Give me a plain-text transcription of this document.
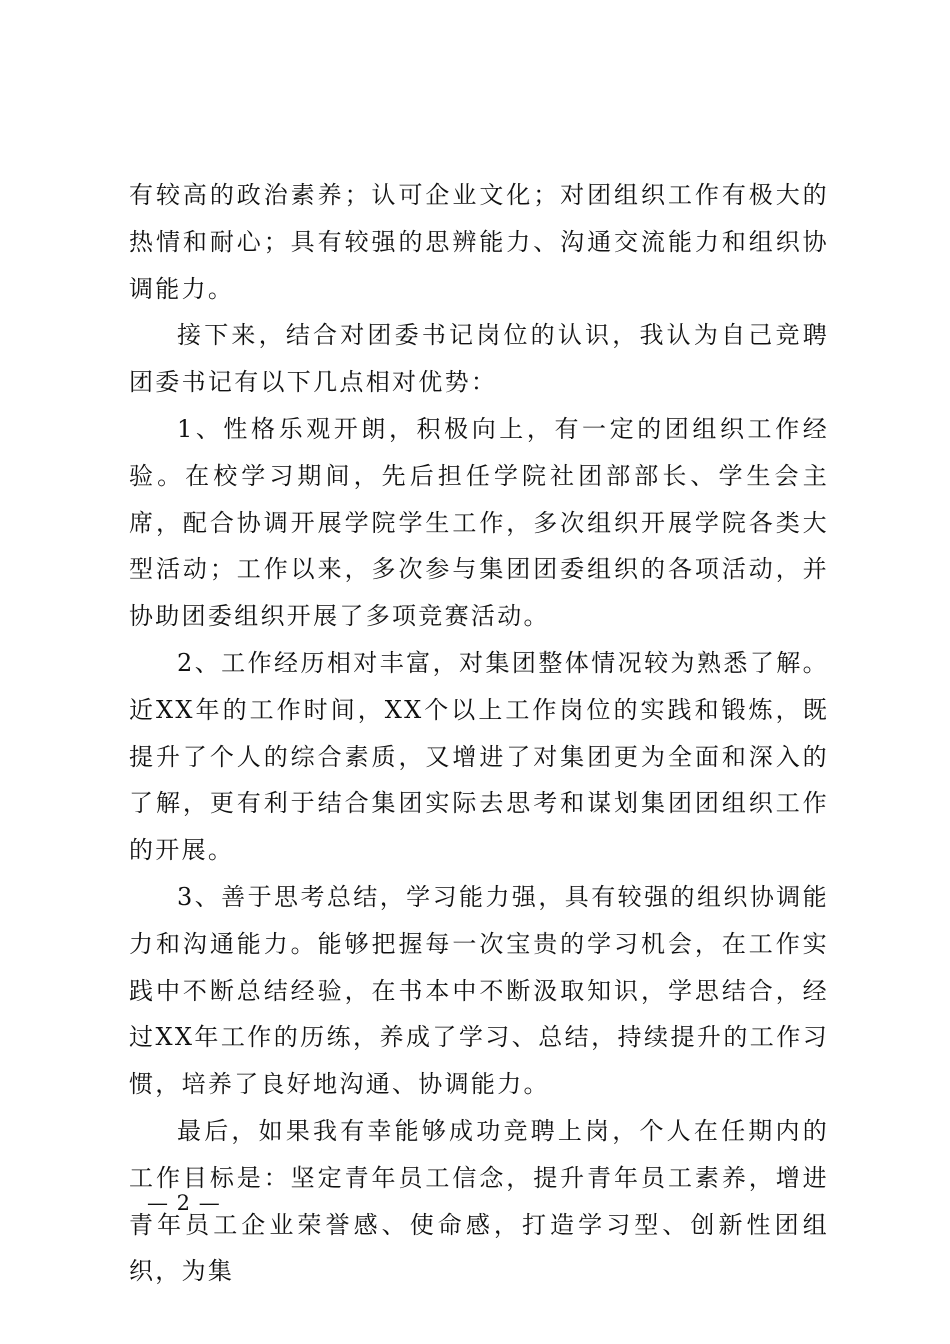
有较高的政治素养；认可企业文化；对团组织工作有极大的热情和耐心；具有较强的思辨能力、沟通交流能力和组织协调能力。

接下来，结合对团委书记岗位的认识，我认为自己竞聘团委书记有以下几点相对优势：

1、性格乐观开朗，积极向上，有一定的团组织工作经验。在校学习期间，先后担任学院社团部部长、学生会主席，配合协调开展学院学生工作，多次组织开展学院各类大型活动；工作以来，多次参与集团团委组织的各项活动，并协助团委组织开展了多项竞赛活动。

2、工作经历相对丰富，对集团整体情况较为熟悉了解。近XX年的工作时间，XX个以上工作岗位的实践和锻炼，既提升了个人的综合素质，又增进了对集团更为全面和深入的了解，更有利于结合集团实际去思考和谋划集团团组织工作的开展。

3、善于思考总结，学习能力强，具有较强的组织协调能力和沟通能力。能够把握每一次宝贵的学习机会，在工作实践中不断总结经验，在书本中不断汲取知识，学思结合，经过XX年工作的历练，养成了学习、总结，持续提升的工作习惯，培养了良好地沟通、协调能力。

最后，如果我有幸能够成功竞聘上岗，个人在任期内的工作目标是：坚定青年员工信念，提升青年员工素养，增进青年员工企业荣誉感、使命感，打造学习型、创新性团组织，为集

— 2 —
